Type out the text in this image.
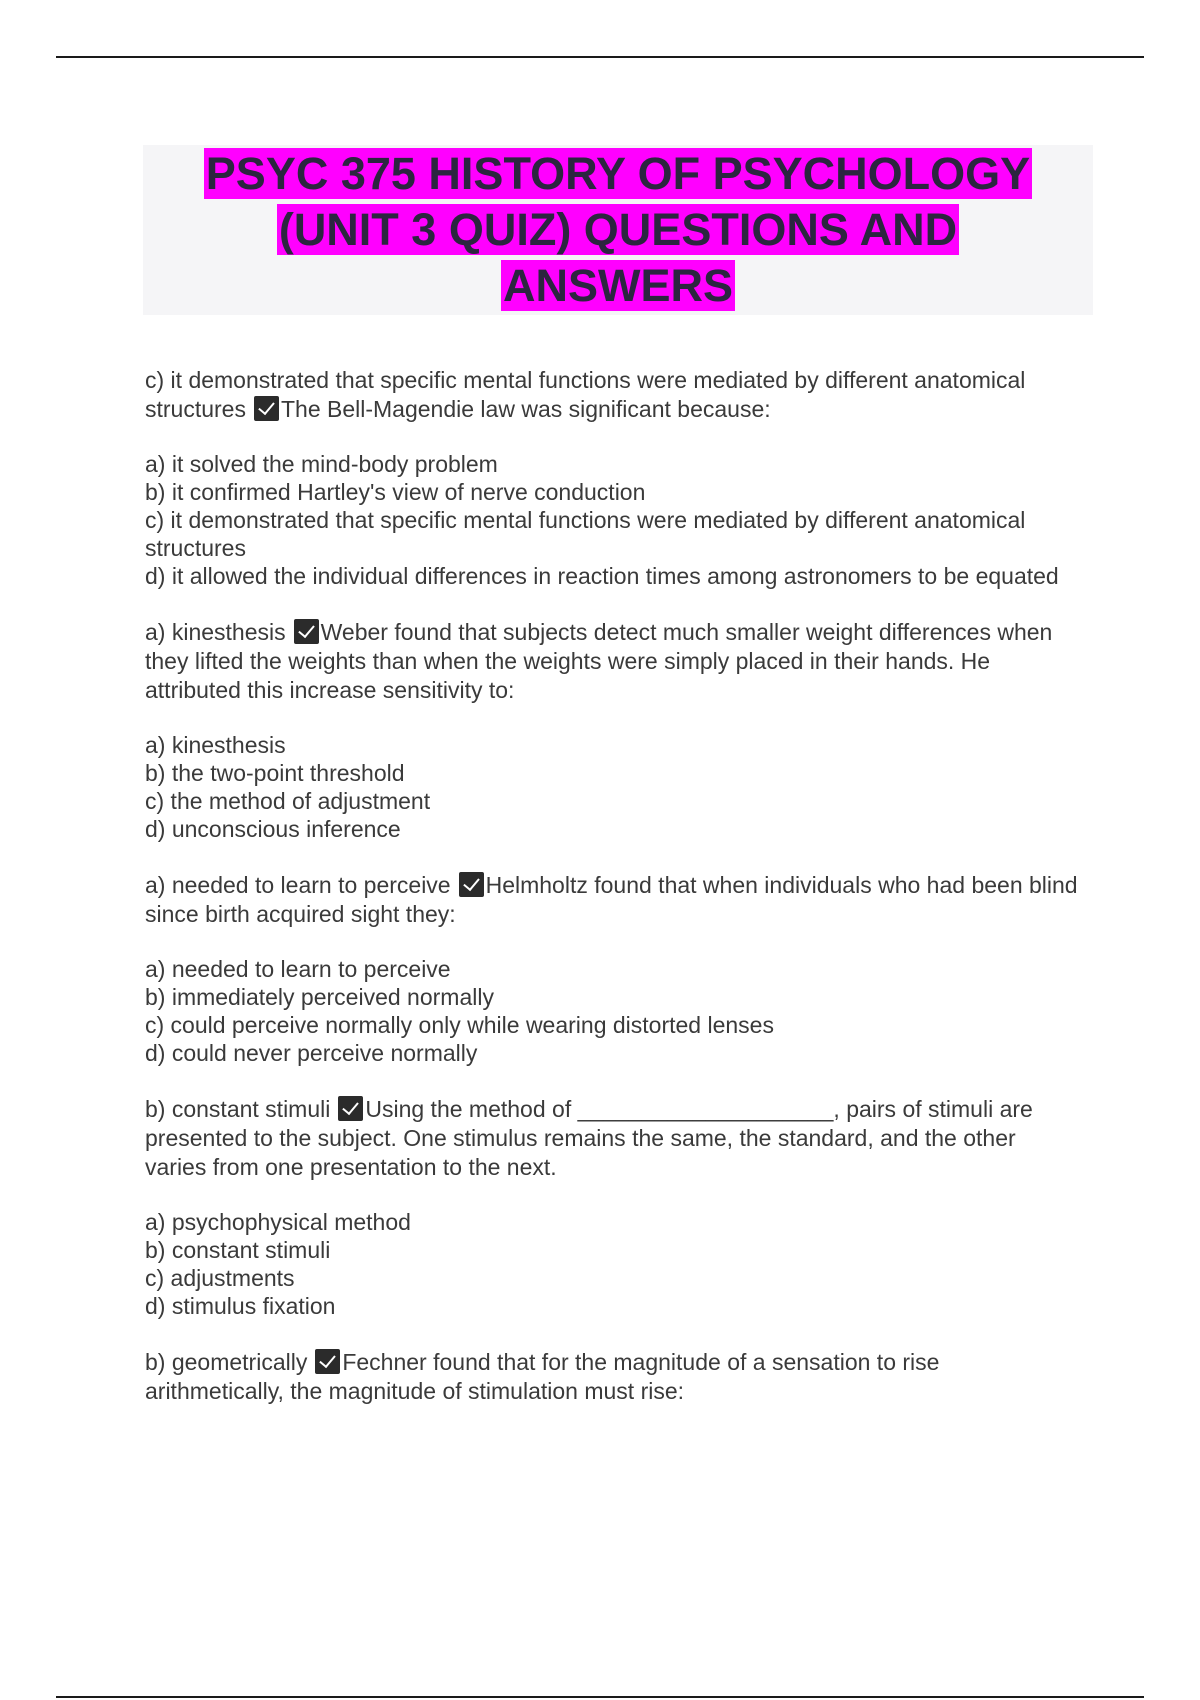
PSYC 375 HISTORY OF PSYCHOLOGY (UNIT 3 QUIZ) QUESTIONS AND ANSWERS

c) it demonstrated that specific mental functions were mediated by different anatomical structures The Bell-Magendie law was significant because:

a) it solved the mind-body problem
b) it confirmed Hartley's view of nerve conduction
c) it demonstrated that specific mental functions were mediated by different anatomical structures
d) it allowed the individual differences in reaction times among astronomers to be equated

a) kinesthesis Weber found that subjects detect much smaller weight differences when they lifted the weights than when the weights were simply placed in their hands. He attributed this increase sensitivity to:

a) kinesthesis
b) the two-point threshold
c) the method of adjustment
d) unconscious inference

a) needed to learn to perceive Helmholtz found that when individuals who had been blind since birth acquired sight they:

a) needed to learn to perceive
b) immediately perceived normally
c) could perceive normally only while wearing distorted lenses
d) could never perceive normally

b) constant stimuli Using the method of ____________________, pairs of stimuli are presented to the subject. One stimulus remains the same, the standard, and the other varies from one presentation to the next.

a) psychophysical method
b) constant stimuli
c) adjustments
d) stimulus fixation

b) geometrically Fechner found that for the magnitude of a sensation to rise arithmetically, the magnitude of stimulation must rise:
